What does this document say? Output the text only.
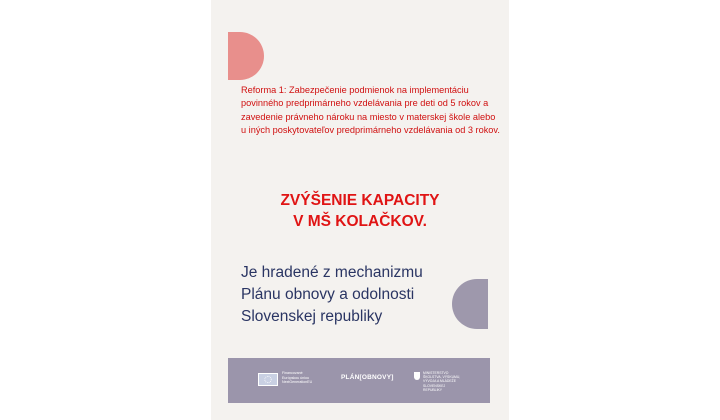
Reforma 1: Zabezpečenie podmienok na implementáciu povinného predprimárneho vzdelávania pre deti od 5 rokov a zavedenie právneho nároku na miesto v materskej škole alebo u iných poskytovateľov predprimárneho vzdelávania od 3 rokov.
ZVÝŠENIE KAPACITY
V MŠ KOLAČKOV.
Je hradené z mechanizmu
Plánu obnovy a odolnosti
Slovenskej republiky
Financované
Európskou úniou
NextGenerationEU
PLÁN[OBNOVY]
MINISTERSTVO
ŠKOLSTVA, VÝSKUMU,
VÝVOJA A MLÁDEŽE
SLOVENSKEJ REPUBLIKY
